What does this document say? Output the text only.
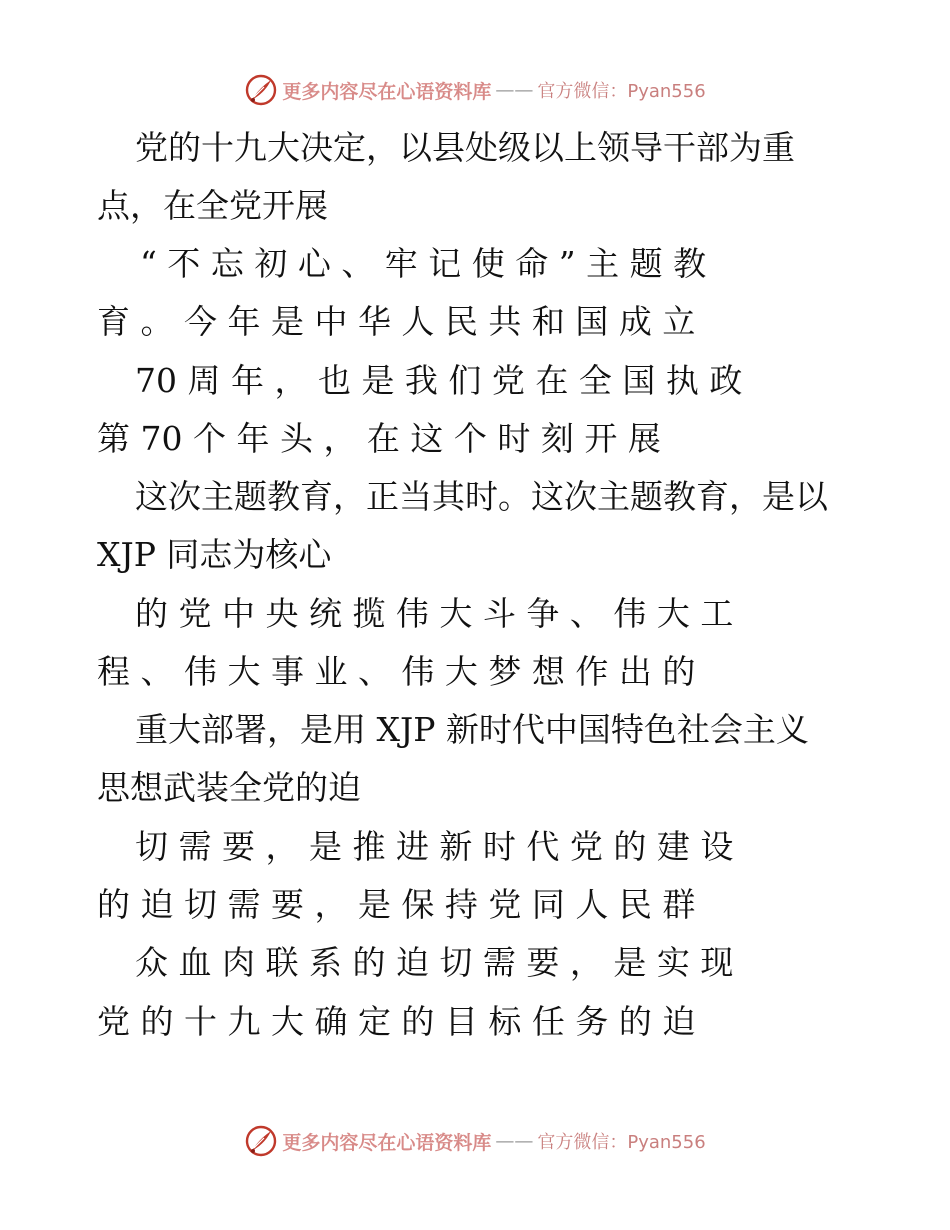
更多内容尽在心语资料库 —— 官方微信：Pyan556
党的十九大决定，以县处级以上领导干部为重
点，在全党开展
“ 不 忘 初 心 、 牢 记 使 命 ” 主 题 教
育 。 今 年 是 中 华 人 民 共 和 国 成 立
70 周 年 ， 也 是 我 们 党 在 全 国 执 政
第 70 个 年 头 ， 在 这 个 时 刻 开 展
这次主题教育，正当其时。这次主题教育，是以
XJP 同志为核心
的 党 中 央 统 揽 伟 大 斗 争 、 伟 大 工
程 、 伟 大 事 业 、 伟 大 梦 想 作 出 的
重大部署，是用 XJP 新时代中国特色社会主义
思想武装全党的迫
切 需 要 ， 是 推 进 新 时 代 党 的 建 设
的 迫 切 需 要 ， 是 保 持 党 同 人 民 群
众 血 肉 联 系 的 迫 切 需 要 ， 是 实 现
党 的 十 九 大 确 定 的 目 标 任 务 的 迫
更多内容尽在心语资料库 —— 官方微信：Pyan556
